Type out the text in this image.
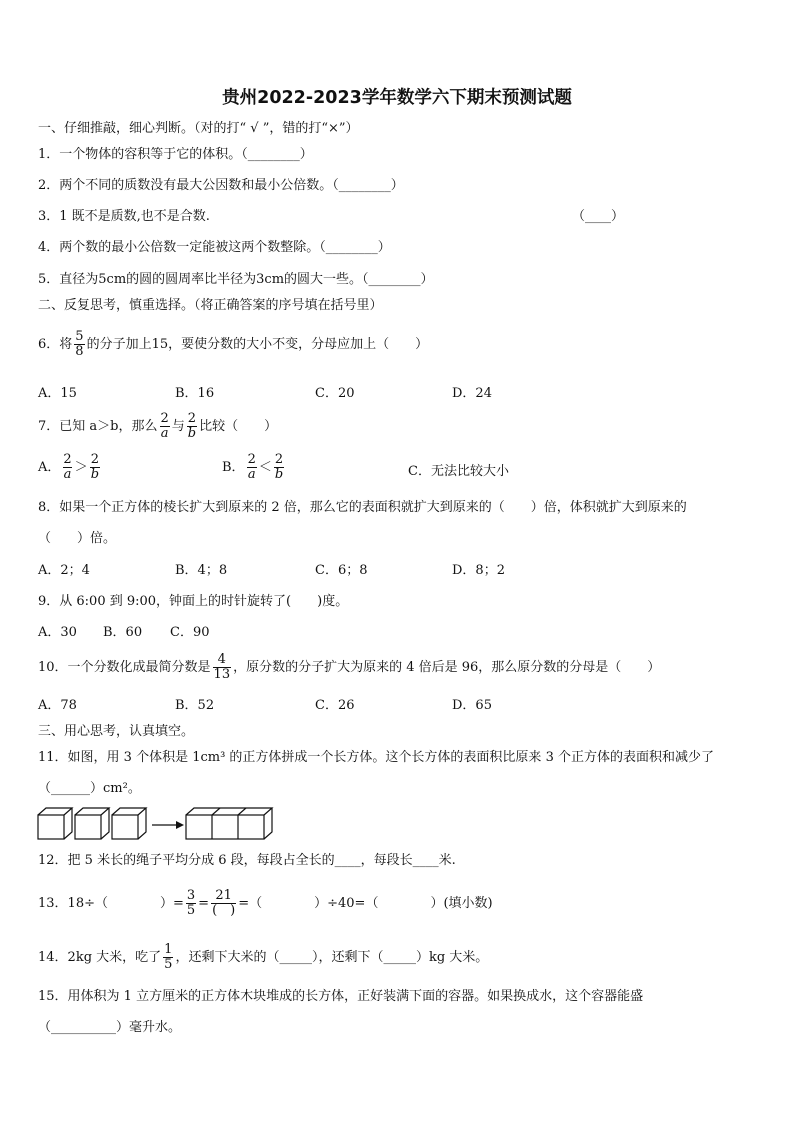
贵州2022-2023学年数学六下期末预测试题
一、仔细推敲，细心判断。（对的打“ √ ”，错的打“×”）
1．一个物体的容积等于它的体积。（________）
2．两个不同的质数没有最大公因数和最小公倍数。（________）
3．1 既不是质数,也不是合数.	（____）
4．两个数的最小公倍数一定能被这两个数整除。（________）
5．直径为5cm的圆的圆周率比半径为3cm的圆大一些。（________）
二、反复思考，慎重选择。（将正确答案的序号填在括号里）
6．将 $\frac{5}{8}$ 的分子加上15，要使分数的大小不变，分母应加上（　　）
A．15	B．16	C．20	D．24
7．已知 a＞b，那么 $\frac{2}{a}$ 与 $\frac{2}{b}$ 比较（　　）
A． $\frac{2}{a} > \frac{2}{b}$	B． $\frac{2}{a} < \frac{2}{b}$	C．无法比较大小
8．如果一个正方体的棱长扩大到原来的 2 倍，那么它的表面积就扩大到原来的（　　）倍，体积就扩大到原来的
（　　）倍。
A．2；4	B．4；8	C．6；8	D．8；2
9．从 6:00 到 9:00，钟面上的时针旋转了(　　)度。
A．30 B．60 C．90
10．一个分数化成最简分数是 $\frac{4}{13}$ ，原分数的分子扩大为原来的 4 倍后是 96，那么原分数的分母是（　　）
A．78	B．52	C．26	D．65
三、用心思考，认真填空。
11．如图，用 3 个体积是 1cm³ 的正方体拼成一个长方体。这个长方体的表面积比原来 3 个正方体的表面积和减少了
（______）cm²。
12．把 5 米长的绳子平均分成 6 段，每段占全长的____，每段长____米.
13．18÷（　　　　）= $\frac{3}{5} = \frac{21}{( )}$ =（　　　　）÷40=（　　　　）(填小数)
14．2kg 大米，吃了 $\frac{1}{5}$ ，还剩下大米的（_____），还剩下（_____）kg 大米。
15．用体积为 1 立方厘米的正方体木块堆成的长方体，正好装满下面的容器。如果换成水，这个容器能盛
（__________）毫升水。
